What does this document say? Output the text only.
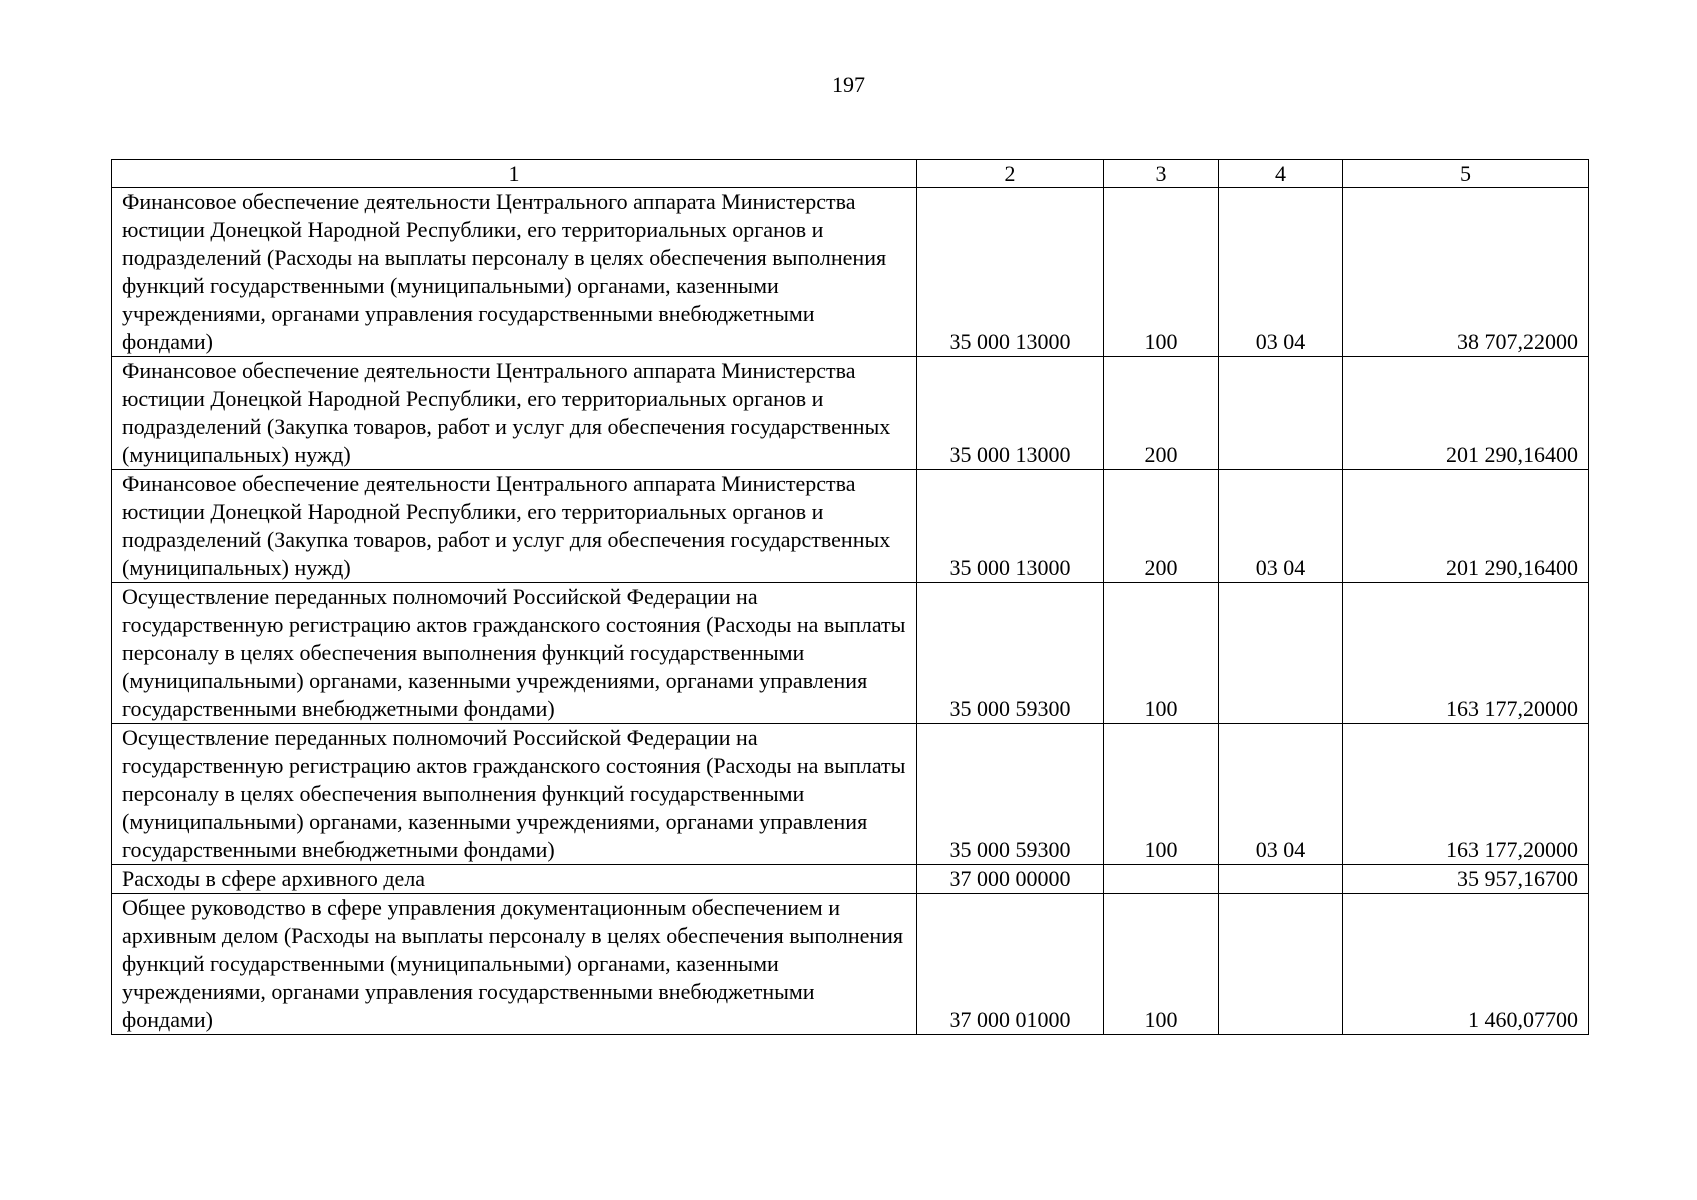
197
1	2	3	4	5
Финансовое обеспечение деятельности Центрального аппарата Министерства юстиции Донецкой Народной Республики, его территориальных органов и подразделений (Расходы на выплаты персоналу в целях обеспечения выполнения функций государственными (муниципальными) органами, казенными учреждениями, органами управления государственными внебюджетными фондами)	35 000 13000	100	03 04	38 707,22000
Финансовое обеспечение деятельности Центрального аппарата Министерства юстиции Донецкой Народной Республики, его территориальных органов и подразделений (Закупка товаров, работ и услуг для обеспечения государственных (муниципальных) нужд)	35 000 13000	200		201 290,16400
Финансовое обеспечение деятельности Центрального аппарата Министерства юстиции Донецкой Народной Республики, его территориальных органов и подразделений (Закупка товаров, работ и услуг для обеспечения государственных (муниципальных) нужд)	35 000 13000	200	03 04	201 290,16400
Осуществление переданных полномочий Российской Федерации на государственную регистрацию актов гражданского состояния (Расходы на выплаты персоналу в целях обеспечения выполнения функций государственными (муниципальными) органами, казенными учреждениями, органами управления государственными внебюджетными фондами)	35 000 59300	100		163 177,20000
Осуществление переданных полномочий Российской Федерации на государственную регистрацию актов гражданского состояния (Расходы на выплаты персоналу в целях обеспечения выполнения функций государственными (муниципальными) органами, казенными учреждениями, органами управления государственными внебюджетными фондами)	35 000 59300	100	03 04	163 177,20000
Расходы в сфере архивного дела	37 000 00000			35 957,16700
Общее руководство в сфере управления документационным обеспечением и архивным делом (Расходы на выплаты персоналу в целях обеспечения выполнения функций государственными (муниципальными) органами, казенными учреждениями, органами управления государственными внебюджетными фондами)	37 000 01000	100		1 460,07700
